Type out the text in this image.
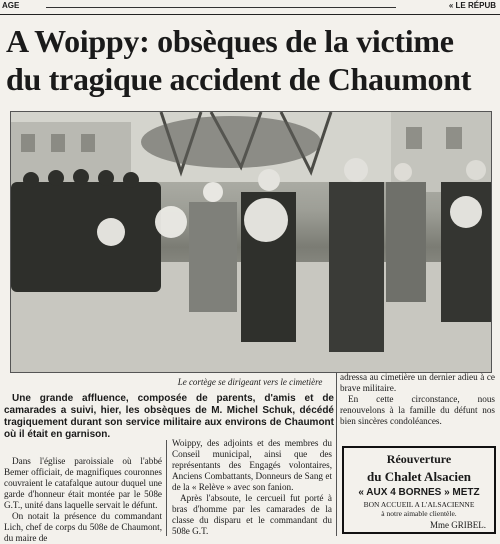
AGE	« LE RÉPUB
A Woippy: obsèques de la victime
du tragique accident de Chaumont
Le cortège se dirigeant vers le cimetière
Une grande affluence, composée de parents, d'amis et de camarades a suivi, hier, les obsèques de M. Michel Schuk, décédé tragiquement durant son service militaire aux environs de Chaumont où il était en garnison.

Dans l'église paroissiale où l'abbé Bemer officiait, de magnifiques couronnes couvraient le catafalque autour duquel une garde d'honneur était montée par le 508e G.T., unité dans laquelle servait le défunt.

On notait la présence du commandant Lich, chef de corps du 508e de Chaumont, du maire de

Woippy, des adjoints et des membres du Conseil municipal, ainsi que des représentants des Engagés volontaires, Anciens Combattants, Donneurs de Sang et de la « Relève » avec son fanion.

Après l'absoute, le cercueil fut porté à bras d'homme par les camarades de la classe du disparu et le commandant du 508e G.T.

adressa au cimetière un dernier adieu à ce brave militaire.

En cette circonstance, nous renouvelons à la famille du défunt nos bien sincères condoléances.

Réouverture
du Chalet Alsacien
« AUX 4 BORNES » METZ
BON ACCUEIL A L'ALSACIENNE
à notre aimable clientèle.
Mme GRIBEL.
